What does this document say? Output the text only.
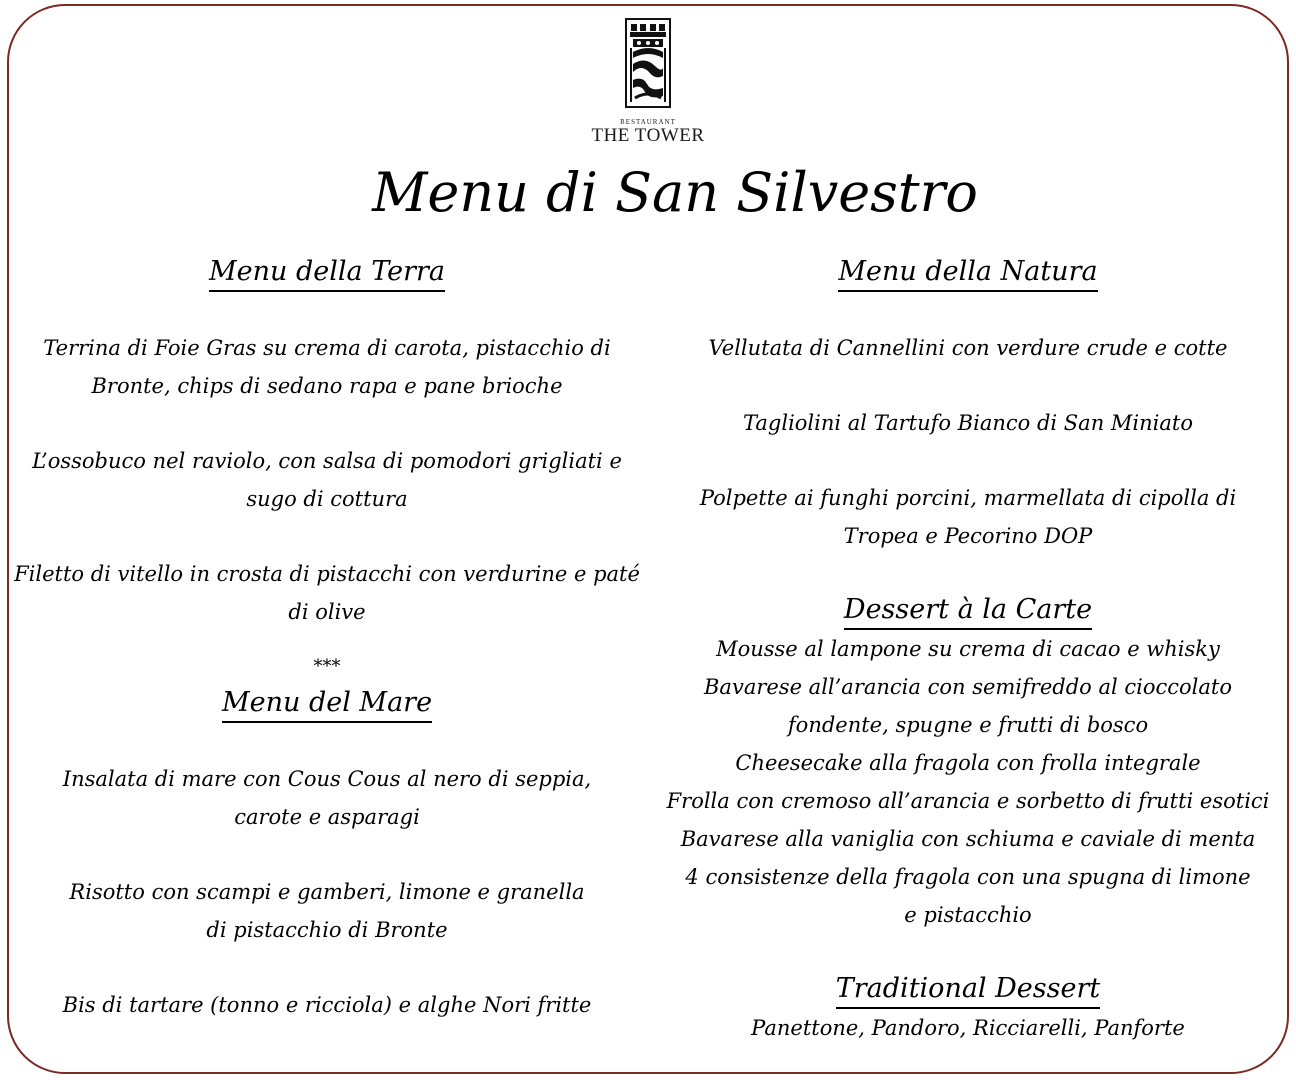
RESTAURANT
THE TOWER
Menu di San Silvestro
Menu della Terra
Terrina di Foie Gras su crema di carota, pistacchio di
Bronte, chips di sedano rapa e pane brioche
L’ossobuco nel raviolo, con salsa di pomodori grigliati e
sugo di cottura
Filetto di vitello in crosta di pistacchi con verdurine e paté
di olive
***
Menu del Mare
Insalata di mare con Cous Cous al nero di seppia,
carote e asparagi
Risotto con scampi e gamberi, limone e granella
di pistacchio di Bronte
Bis di tartare (tonno e ricciola) e alghe Nori fritte
Menu della Natura
Vellutata di Cannellini con verdure crude e cotte
Tagliolini al Tartufo Bianco di San Miniato
Polpette ai funghi porcini, marmellata di cipolla di
Tropea e Pecorino DOP
Dessert à la Carte
Mousse al lampone su crema di cacao e whisky
Bavarese all’arancia con semifreddo al cioccolato
fondente, spugne e frutti di bosco
Cheesecake alla fragola con frolla integrale
Frolla con cremoso all’arancia e sorbetto di frutti esotici
Bavarese alla vaniglia con schiuma e caviale di menta
4 consistenze della fragola con una spugna di limone
e pistacchio
Traditional Dessert
Panettone, Pandoro, Ricciarelli, Panforte
